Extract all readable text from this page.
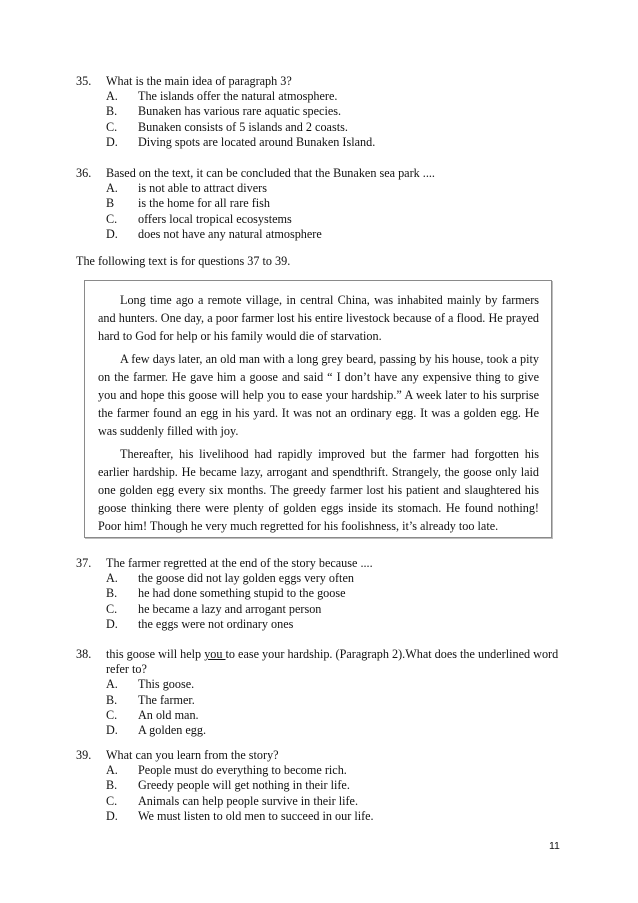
35. What is the main idea of paragraph 3?
A. The islands offer the natural atmosphere.
B. Bunaken has various rare aquatic species.
C. Bunaken consists of 5 islands and 2 coasts.
D. Diving spots are located around Bunaken Island.
36. Based on the text, it can be concluded that the Bunaken sea park ....
A. is not able to attract divers
B is the home for all rare fish
C. offers local tropical ecosystems
D. does not have any natural atmosphere
The following text is for questions 37 to 39.

Long time ago a remote village, in central China, was inhabited mainly by farmers and hunters. One day, a poor farmer lost his entire livestock because of a flood. He prayed hard to God for help or his family would die of starvation.

A few days later, an old man with a long grey beard, passing by his house, took a pity on the farmer. He gave him a goose and said “ I don’t have any expensive thing to give you and hope this goose will help you to ease your hardship.” A week later to his surprise the farmer found an egg in his yard. It was not an ordinary egg. It was a golden egg. He was suddenly filled with joy.

Thereafter, his livelihood had rapidly improved but the farmer had forgotten his earlier hardship. He became lazy, arrogant and spendthrift. Strangely, the goose only laid one golden egg every six months. The greedy farmer lost his patient and slaughtered his goose thinking there were plenty of golden eggs inside its stomach. He found nothing! Poor him! Though he very much regretted for his foolishness, it’s already too late.

37. The farmer regretted at the end of the story because ....
A. the goose did not lay golden eggs very often
B. he had done something stupid to the goose
C. he became a lazy and arrogant person
D. the eggs were not ordinary ones
38. this goose will help you to ease your hardship. (Paragraph 2).What does the underlined word refer to?
A. This goose.
B. The farmer.
C. An old man.
D. A golden egg.
39. What can you learn from the story?
A. People must do everything to become rich.
B. Greedy people will get nothing in their life.
C. Animals can help people survive in their life.
D. We must listen to old men to succeed in our life.
11
